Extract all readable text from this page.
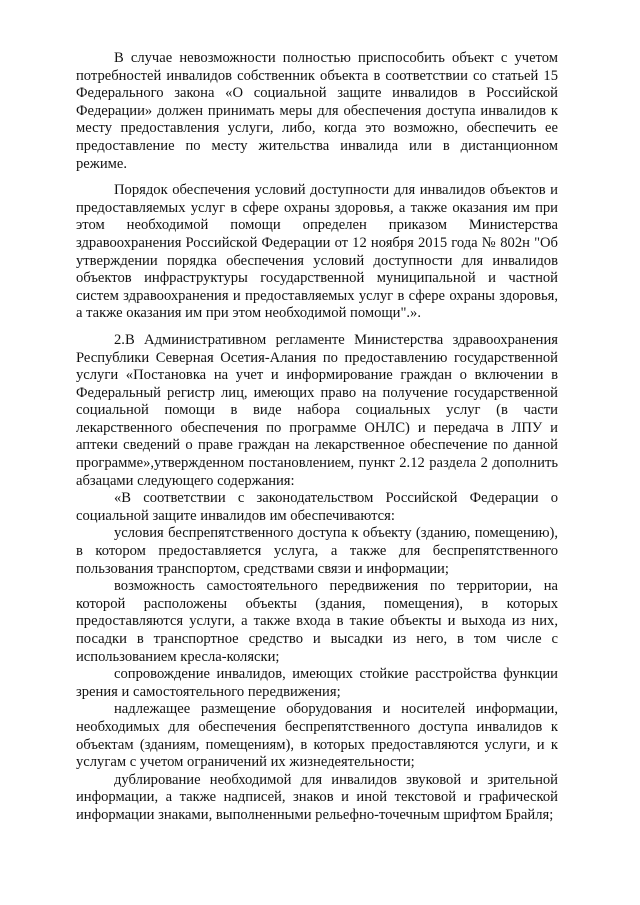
В случае невозможности полностью приспособить объект с учетом потребностей инвалидов собственник объекта в соответствии со статьей 15 Федерального закона «О социальной защите инвалидов в Российской Федерации» должен принимать меры для обеспечения доступа инвалидов к месту предоставления услуги, либо, когда это возможно, обеспечить ее предоставление по месту жительства инвалида или в дистанционном режиме.

Порядок обеспечения условий доступности для инвалидов объектов и предоставляемых услуг в сфере охраны здоровья, а также оказания им при этом необходимой помощи определен приказом Министерства здравоохранения Российской Федерации от 12 ноября 2015 года № 802н "Об утверждении порядка обеспечения условий доступности для инвалидов объектов инфраструктуры государственной муниципальной и частной систем здравоохранения и предоставляемых услуг в сфере охраны здоровья, а также оказания им при этом необходимой помощи".».

2.В Административном регламенте Министерства здравоохранения Республики Северная Осетия-Алания по предоставлению государственной услуги «Постановка на учет и информирование граждан о включении в Федеральный регистр лиц, имеющих право на получение государственной социальной помощи в виде набора социальных услуг (в части лекарственного обеспечения по программе ОНЛС) и передача в ЛПУ и аптеки сведений о праве граждан на лекарственное обеспечение по данной программе»,утвержденном постановлением, пункт 2.12 раздела 2 дополнить абзацами следующего содержания:

«В соответствии с законодательством Российской Федерации о социальной защите инвалидов им обеспечиваются:

условия беспрепятственного доступа к объекту (зданию, помещению), в котором предоставляется услуга, а также для беспрепятственного пользования транспортом, средствами связи и информации;

возможность самостоятельного передвижения по территории, на которой расположены объекты (здания, помещения), в которых предоставляются услуги, а также входа в такие объекты и выхода из них, посадки в транспортное средство и высадки из него, в том числе с использованием кресла-коляски;

сопровождение инвалидов, имеющих стойкие расстройства функции зрения и самостоятельного передвижения;

надлежащее размещение оборудования и носителей информации, необходимых для обеспечения беспрепятственного доступа инвалидов к объектам (зданиям, помещениям), в которых предоставляются услуги, и к услугам с учетом ограничений их жизнедеятельности;

дублирование необходимой для инвалидов звуковой и зрительной информации, а также надписей, знаков и иной текстовой и графической информации знаками, выполненными рельефно-точечным шрифтом Брайля;
